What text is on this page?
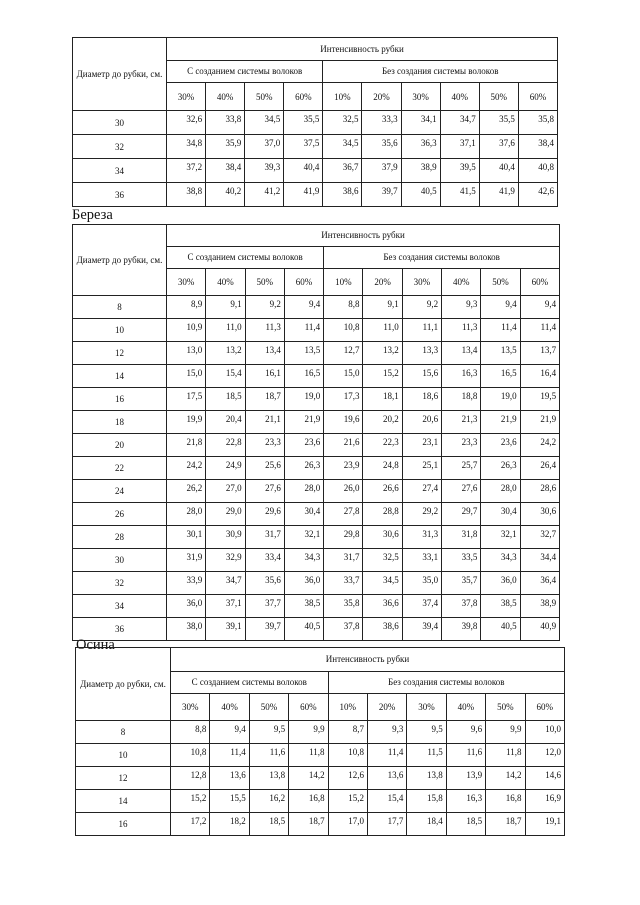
Береза
Осина
Диаметр до рубки, см.	Интенсивность рубки									
	С созданием системы волоков				Без создания системы волоков					
	30%	40%	50%	60%	10%	20%	30%	40%	50%	60%
30	32,6	33,8	34,5	35,5	32,5	33,3	34,1	34,7	35,5	35,8
32	34,8	35,9	37,0	37,5	34,5	35,6	36,3	37,1	37,6	38,4
34	37,2	38,4	39,3	40,4	36,7	37,9	38,9	39,5	40,4	40,8
36	38,8	40,2	41,2	41,9	38,6	39,7	40,5	41,5	41,9	42,6
Диаметр до рубки, см.	Интенсивность рубки									
	С созданием системы волоков				Без создания системы волоков					
	30%	40%	50%	60%	10%	20%	30%	40%	50%	60%
8	8,9	9,1	9,2	9,4	8,8	9,1	9,2	9,3	9,4	9,4
10	10,9	11,0	11,3	11,4	10,8	11,0	11,1	11,3	11,4	11,4
12	13,0	13,2	13,4	13,5	12,7	13,2	13,3	13,4	13,5	13,7
14	15,0	15,4	16,1	16,5	15,0	15,2	15,6	16,3	16,5	16,4
16	17,5	18,5	18,7	19,0	17,3	18,1	18,6	18,8	19,0	19,5
18	19,9	20,4	21,1	21,9	19,6	20,2	20,6	21,3	21,9	21,9
20	21,8	22,8	23,3	23,6	21,6	22,3	23,1	23,3	23,6	24,2
22	24,2	24,9	25,6	26,3	23,9	24,8	25,1	25,7	26,3	26,4
24	26,2	27,0	27,6	28,0	26,0	26,6	27,4	27,6	28,0	28,6
26	28,0	29,0	29,6	30,4	27,8	28,8	29,2	29,7	30,4	30,6
28	30,1	30,9	31,7	32,1	29,8	30,6	31,3	31,8	32,1	32,7
30	31,9	32,9	33,4	34,3	31,7	32,5	33,1	33,5	34,3	34,4
32	33,9	34,7	35,6	36,0	33,7	34,5	35,0	35,7	36,0	36,4
34	36,0	37,1	37,7	38,5	35,8	36,6	37,4	37,8	38,5	38,9
36	38,0	39,1	39,7	40,5	37,8	38,6	39,4	39,8	40,5	40,9
Диаметр до рубки, см.	Интенсивность рубки									
	С созданием системы волоков				Без создания системы волоков					
	30%	40%	50%	60%	10%	20%	30%	40%	50%	60%
8	8,8	9,4	9,5	9,9	8,7	9,3	9,5	9,6	9,9	10,0
10	10,8	11,4	11,6	11,8	10,8	11,4	11,5	11,6	11,8	12,0
12	12,8	13,6	13,8	14,2	12,6	13,6	13,8	13,9	14,2	14,6
14	15,2	15,5	16,2	16,8	15,2	15,4	15,8	16,3	16,8	16,9
16	17,2	18,2	18,5	18,7	17,0	17,7	18,4	18,5	18,7	19,1
